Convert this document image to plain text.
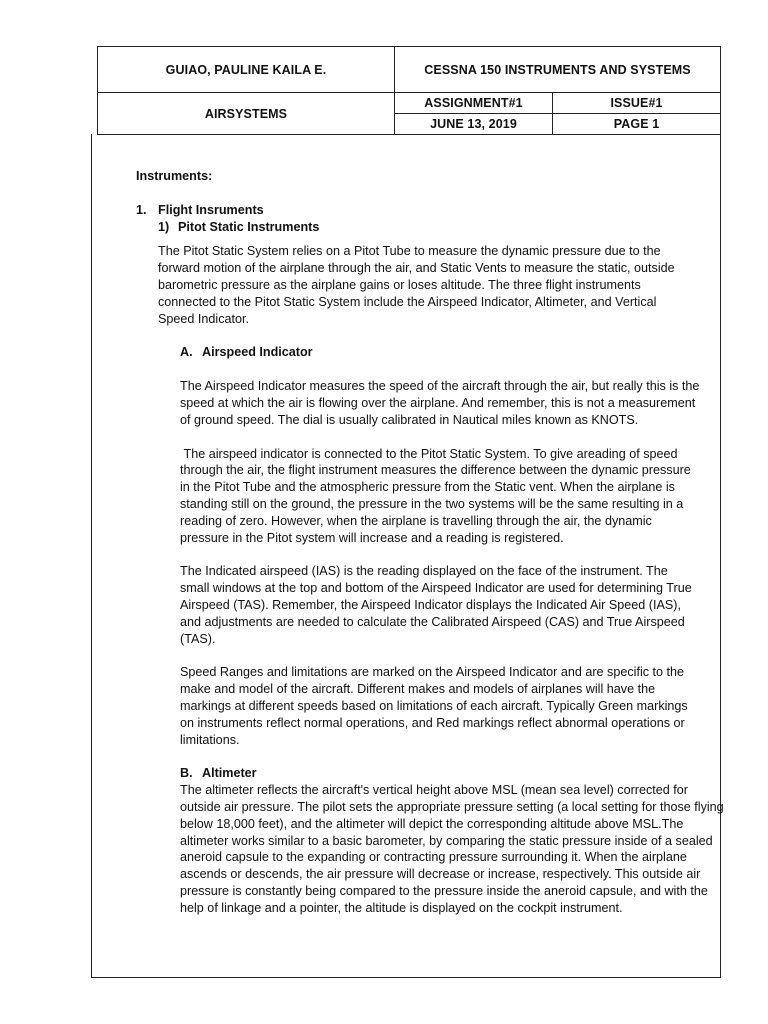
GUIAO, PAULINE KAILA E.	CESSNA 150 INSTRUMENTS AND SYSTEMS	
AIRSYSTEMS	ASSIGNMENT#1	ISSUE#1
	JUNE 13, 2019	PAGE 1

Instruments:

1. Flight Insruments

1) Pitot Static Instruments

The Pitot Static System relies on a Pitot Tube to measure the dynamic pressure due to the forward motion of the airplane through the air, and Static Vents to measure the static, outside barometric pressure as the airplane gains or loses altitude. The three flight instruments connected to the Pitot Static System include the Airspeed Indicator, Altimeter, and Vertical Speed Indicator.

A. Airspeed Indicator

The Airspeed Indicator measures the speed of the aircraft through the air, but really this is the speed at which the air is flowing over the airplane. And remember, this is not a measurement of ground speed. The dial is usually calibrated in Nautical miles known as KNOTS.

The airspeed indicator is connected to the Pitot Static System. To give areading of speed through the air, the flight instrument measures the difference between the dynamic pressure in the Pitot Tube and the atmospheric pressure from the Static vent. When the airplane is standing still on the ground, the pressure in the two systems will be the same resulting in a reading of zero. However, when the airplane is travelling through the air, the dynamic pressure in the Pitot system will increase and a reading is registered.

The Indicated airspeed (IAS) is the reading displayed on the face of the instrument. The small windows at the top and bottom of the Airspeed Indicator are used for determining True Airspeed (TAS). Remember, the Airspeed Indicator displays the Indicated Air Speed (IAS), and adjustments are needed to calculate the Calibrated Airspeed (CAS) and True Airspeed (TAS).

Speed Ranges and limitations are marked on the Airspeed Indicator and are specific to the make and model of the aircraft. Different makes and models of airplanes will have the markings at different speeds based on limitations of each aircraft. Typically Green markings on instruments reflect normal operations, and Red markings reflect abnormal operations or limitations.

B. Altimeter

The altimeter reflects the aircraft's vertical height above MSL (mean sea level) corrected for outside air pressure. The pilot sets the appropriate pressure setting (a local setting for those flying below 18,000 feet), and the altimeter will depict the corresponding altitude above MSL.The altimeter works similar to a basic barometer, by comparing the static pressure inside of a sealed aneroid capsule to the expanding or contracting pressure surrounding it. When the airplane ascends or descends, the air pressure will decrease or increase, respectively. This outside air pressure is constantly being compared to the pressure inside the aneroid capsule, and with the help of linkage and a pointer, the altitude is displayed on the cockpit instrument.
